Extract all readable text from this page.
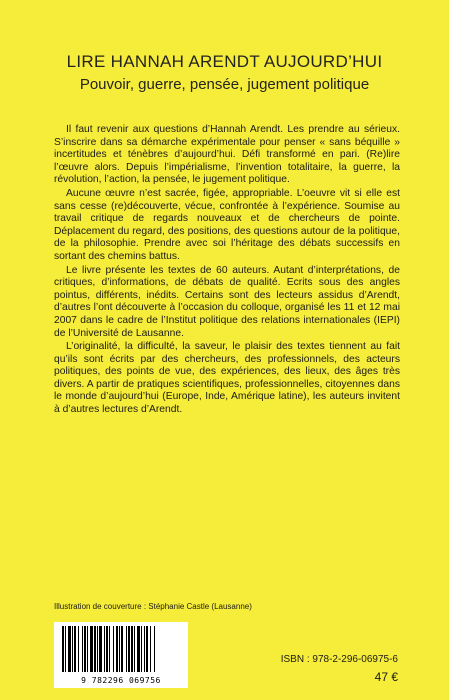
LIRE HANNAH ARENDT AUJOURD’HUI
Pouvoir, guerre, pensée, jugement politique

Il faut revenir aux questions d’Hannah Arendt. Les prendre au sérieux. S’inscrire dans sa démarche expérimentale pour penser « sans béquille » incertitudes et ténèbres d’aujourd’hui. Défi transformé en pari. (Re)lire l’œuvre alors. Depuis l’impérialisme, l’invention totalitaire, la guerre, la révolution, l’action, la pensée, le jugement politique.

Aucune œuvre n’est sacrée, figée, appropriable. L’oeuvre vit si elle est sans cesse (re)découverte, vécue, confrontée à l’expérience. Soumise au travail critique de regards nouveaux et de chercheurs de pointe. Déplacement du regard, des positions, des questions autour de la politique, de la philosophie. Prendre avec soi l’héritage des débats successifs en sortant des chemins battus.

Le livre présente les textes de 60 auteurs. Autant d’interprétations, de critiques, d’informations, de débats de qualité. Ecrits sous des angles pointus, différents, inédits. Certains sont des lecteurs assidus d’Arendt, d’autres l’ont découverte à l’occasion du colloque, organisé les 11 et 12 mai 2007 dans le cadre de l’Institut politique des relations internationales (IEPI) de l’Université de Lausanne.

L’originalité, la difficulté, la saveur, le plaisir des textes tiennent au fait qu’ils sont écrits par des chercheurs, des professionnels, des acteurs politiques, des points de vue, des expériences, des lieux, des âges très divers. A partir de pratiques scientifiques, professionnelles, citoyennes dans le monde d’aujourd’hui (Europe, Inde, Amérique latine), les auteurs invitent à d’autres lectures d’Arendt.

Illustration de couverture : Stéphanie Castle (Lausanne)
9 782296 069756
ISBN : 978-2-296-06975-6
47 €
